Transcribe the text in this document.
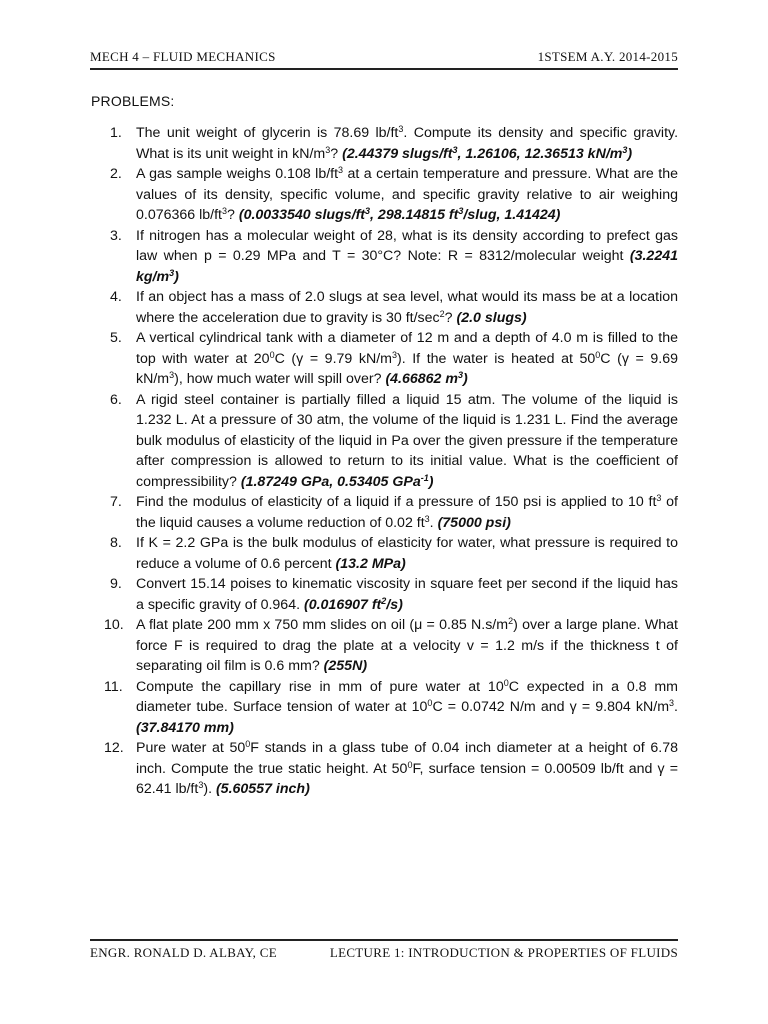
MECH 4 – FLUID MECHANICS	1STSEM A.Y. 2014-2015
PROBLEMS:
1. The unit weight of glycerin is 78.69 $lb/ft^3$. Compute its density and specific gravity. What is its unit weight in $kN/m^3$? (2.44379 slugs/$ft^3$, 1.26106, 12.36513 $kN/m^3$)
2. A gas sample weighs 0.108 $lb/ft^3$ at a certain temperature and pressure. What are the values of its density, specific volume, and specific gravity relative to air weighing 0.076366 $lb/ft^3$? (0.0033540 slugs/$ft^3$, 298.14815 $ft^3$/slug, 1.41424)
3. If nitrogen has a molecular weight of 28, what is its density according to prefect gas law when p = 0.29 MPa and T = 30°C? Note: R = 8312/molecular weight (3.2241 $kg/m^3$)
4. If an object has a mass of 2.0 slugs at sea level, what would its mass be at a location where the acceleration due to gravity is 30 $ft/\sec^2$? (2.0 slugs)
5. A vertical cylindrical tank with a diameter of 12 m and a depth of 4.0 m is filled to the top with water at $20^0C$ (γ = 9.79 $kN/m^3$). If the water is heated at $50^0C$ (γ = 9.69 $kN/m^3$), how much water will spill over? (4.66862 $m^3$)
6. A rigid steel container is partially filled a liquid 15 atm. The volume of the liquid is 1.232 L. At a pressure of 30 atm, the volume of the liquid is 1.231 L. Find the average bulk modulus of elasticity of the liquid in Pa over the given pressure if the temperature after compression is allowed to return to its initial value. What is the coefficient of compressibility? (1.87249 GPa, 0.53405 GPa$^{-1}$)
7. Find the modulus of elasticity of a liquid if a pressure of 150 psi is applied to 10 $ft^3$ of the liquid causes a volume reduction of 0.02 $ft^3$. (75000 psi)
8. If K = 2.2 GPa is the bulk modulus of elasticity for water, what pressure is required to reduce a volume of 0.6 percent (13.2 MPa)
9. Convert 15.14 poises to kinematic viscosity in square feet per second if the liquid has a specific gravity of 0.964. (0.016907 $ft^2/s$)
10. A flat plate 200 mm x 750 mm slides on oil (μ = 0.85 $N.s/m^2$) over a large plane. What force F is required to drag the plate at a velocity v = 1.2 m/s if the thickness t of separating oil film is 0.6 mm? (255N)
11. Compute the capillary rise in mm of pure water at $10^0C$ expected in a 0.8 mm diameter tube. Surface tension of water at $10^0C = 0.0742$ N/m and γ = 9.804 $kN/m^3$. (37.84170 mm)
12. Pure water at $50^0F$ stands in a glass tube of 0.04 inch diameter at a height of 6.78 inch. Compute the true static height. At $50^0F$, surface tension = 0.00509 lb/ft and γ = 62.41 $lb/ft^3$). (5.60557 inch)
ENGR. RONALD D. ALBAY, CE	LECTURE 1: INTRODUCTION & PROPERTIES OF FLUIDS
